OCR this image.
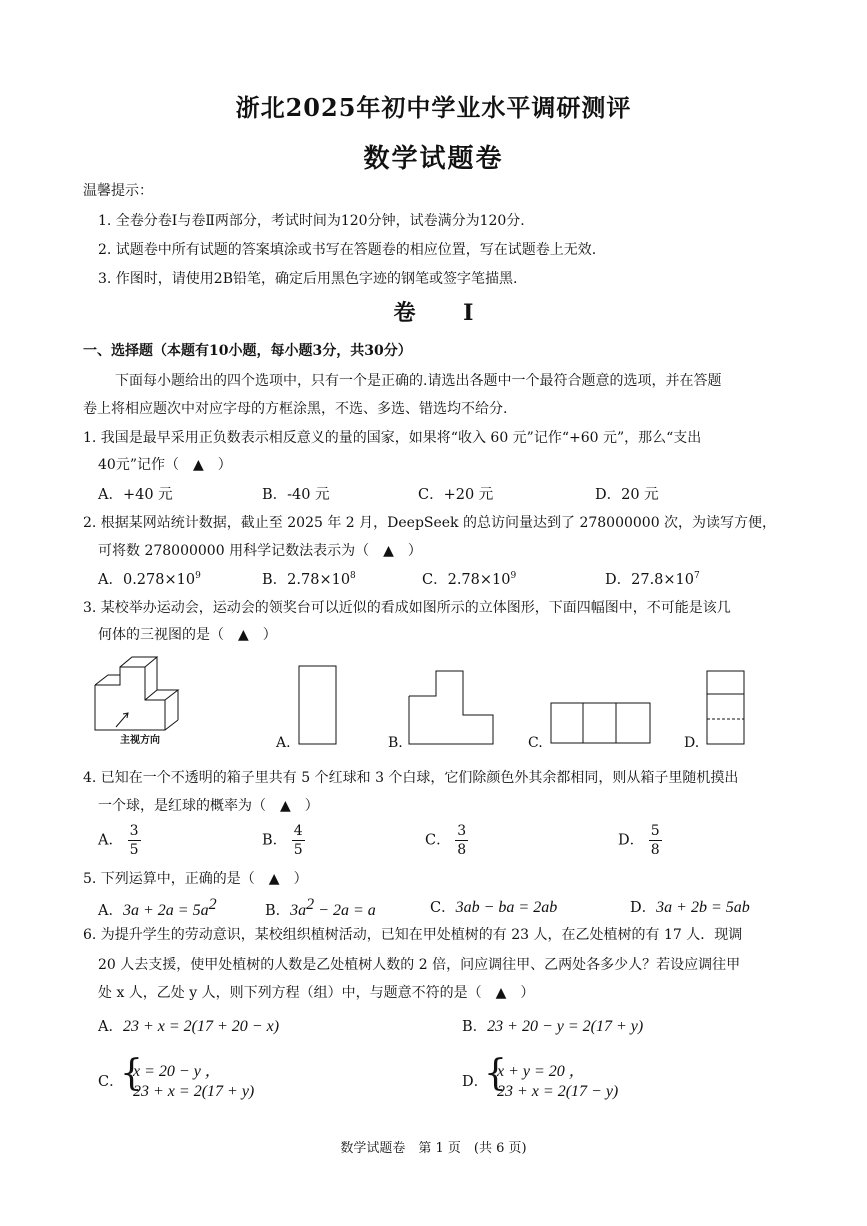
浙北2025年初中学业水平调研测评
数学试题卷
温馨提示：
1. 全卷分卷Ⅰ与卷Ⅱ两部分，考试时间为120分钟，试卷满分为120分.
2. 试题卷中所有试题的答案填涂或书写在答题卷的相应位置，写在试题卷上无效.
3. 作图时，请使用2B铅笔，确定后用黑色字迹的钢笔或签字笔描黑.
卷 Ⅰ
一、选择题（本题有10小题，每小题3分，共30分）
下面每小题给出的四个选项中，只有一个是正确的.请选出各题中一个最符合题意的选项，并在答题
卷上将相应题次中对应字母的方框涂黑，不选、多选、错选均不给分.
1. 我国是最早采用正负数表示相反意义的量的国家，如果将“收入 60 元”记作“+60 元”，那么“支出
40元”记作（　▲　）
A．+40 元	B．-40 元	C．+20 元	D．20 元
2. 根据某网站统计数据，截止至 2025 年 2 月，DeepSeek 的总访问量达到了 278000000 次，为读写方便，
可将数 278000000 用科学记数法表示为（　▲　）
A．$0.278\times 10^9$	B．$2.78\times 10^8$	C．$2.78\times 10^9$	D．$27.8\times 10^7$
3. 某校举办运动会，运动会的领奖台可以近似的看成如图所示的立体图形，下面四幅图中，不可能是该几
何体的三视图的是（　▲　）
主视方向	A.	B.	C.	D.
4. 已知在一个不透明的箱子里共有 5 个红球和 3 个白球，它们除颜色外其余都相同，则从箱子里随机摸出
一个球，是红球的概率为（　▲　）
A． $\frac{3}{5}$	B． $\frac{4}{5}$	C． $\frac{3}{8}$	D． $\frac{5}{8}$
5. 下列运算中，正确的是（　▲　）
A．$3a + 2a = 5a^2$	B．$3a^2 - 2a = a$	C．3ab − ba = 2ab	D．3a + 2b = 5ab
6. 为提升学生的劳动意识，某校组织植树活动，已知在甲处植树的有 23 人，在乙处植树的有 17 人．现调
20 人去支援，使甲处植树的人数是乙处植树人数的 2 倍，问应调往甲、乙两处各多少人？若设应调往甲
处 x 人，乙处 y 人，则下列方程（组）中，与题意不符的是（　▲　）
A．23 + x = 2(17 + 20 − x)	B．23 + 20 − y = 2(17 + y)
C．
{
x = 20 − y ，
23 + x = 2(17 + y)
D．
{
x + y = 20 ，
23 + x = 2(17 − y)
数学试题卷　第 1 页　(共 6 页)
